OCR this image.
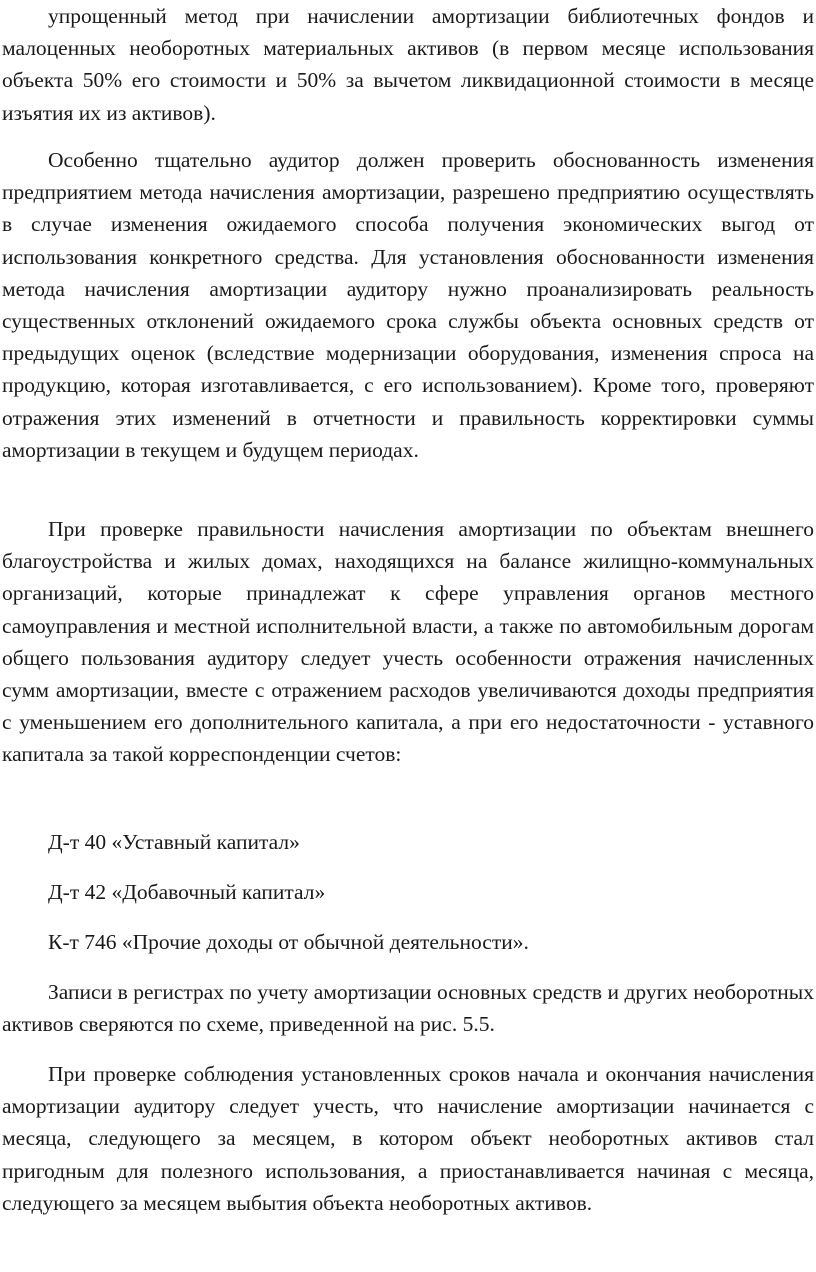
упрощенный метод при начислении амортизации библиотечных фондов и малоценных необоротных материальных активов (в первом месяце использования объекта 50% его стоимости и 50% за вычетом ликвидационной стоимости в месяце изъятия их из активов).

Особенно тщательно аудитор должен проверить обоснованность изменения предприятием метода начисления амортизации, разрешено предприятию осуществлять в случае изменения ожидаемого способа получения экономических выгод от использования конкретного средства. Для установления обоснованности изменения метода начисления амортизации аудитору нужно проанализировать реальность существенных отклонений ожидаемого срока службы объекта основных средств от предыдущих оценок (вследствие модернизации оборудования, изменения спроса на продукцию, которая изготавливается, с его использованием). Кроме того, проверяют отражения этих изменений в отчетности и правильность корректировки суммы амортизации в текущем и будущем периодах.

При проверке правильности начисления амортизации по объектам внешнего благоустройства и жилых домах, находящихся на балансе жилищно-коммунальных организаций, которые принадлежат к сфере управления органов местного самоуправления и местной исполнительной власти, а также по автомобильным дорогам общего пользования аудитору следует учесть особенности отражения начисленных сумм амортизации, вместе с отражением расходов увеличиваются доходы предприятия с уменьшением его дополнительного капитала, а при его недостаточности - уставного капитала за такой корреспонденции счетов:

Д-т 40 «Уставный капитал»

Д-т 42 «Добавочный капитал»

К-т 746 «Прочие доходы от обычной деятельности».

Записи в регистрах по учету амортизации основных средств и других необоротных активов сверяются по схеме, приведенной на рис. 5.5.

При проверке соблюдения установленных сроков начала и окончания начисления амортизации аудитору следует учесть, что начисление амортизации начинается с месяца, следующего за месяцем, в котором объект необоротных активов стал пригодным для полезного использования, а приостанавливается начиная с месяца, следующего за месяцем выбытия объекта необоротных активов.
